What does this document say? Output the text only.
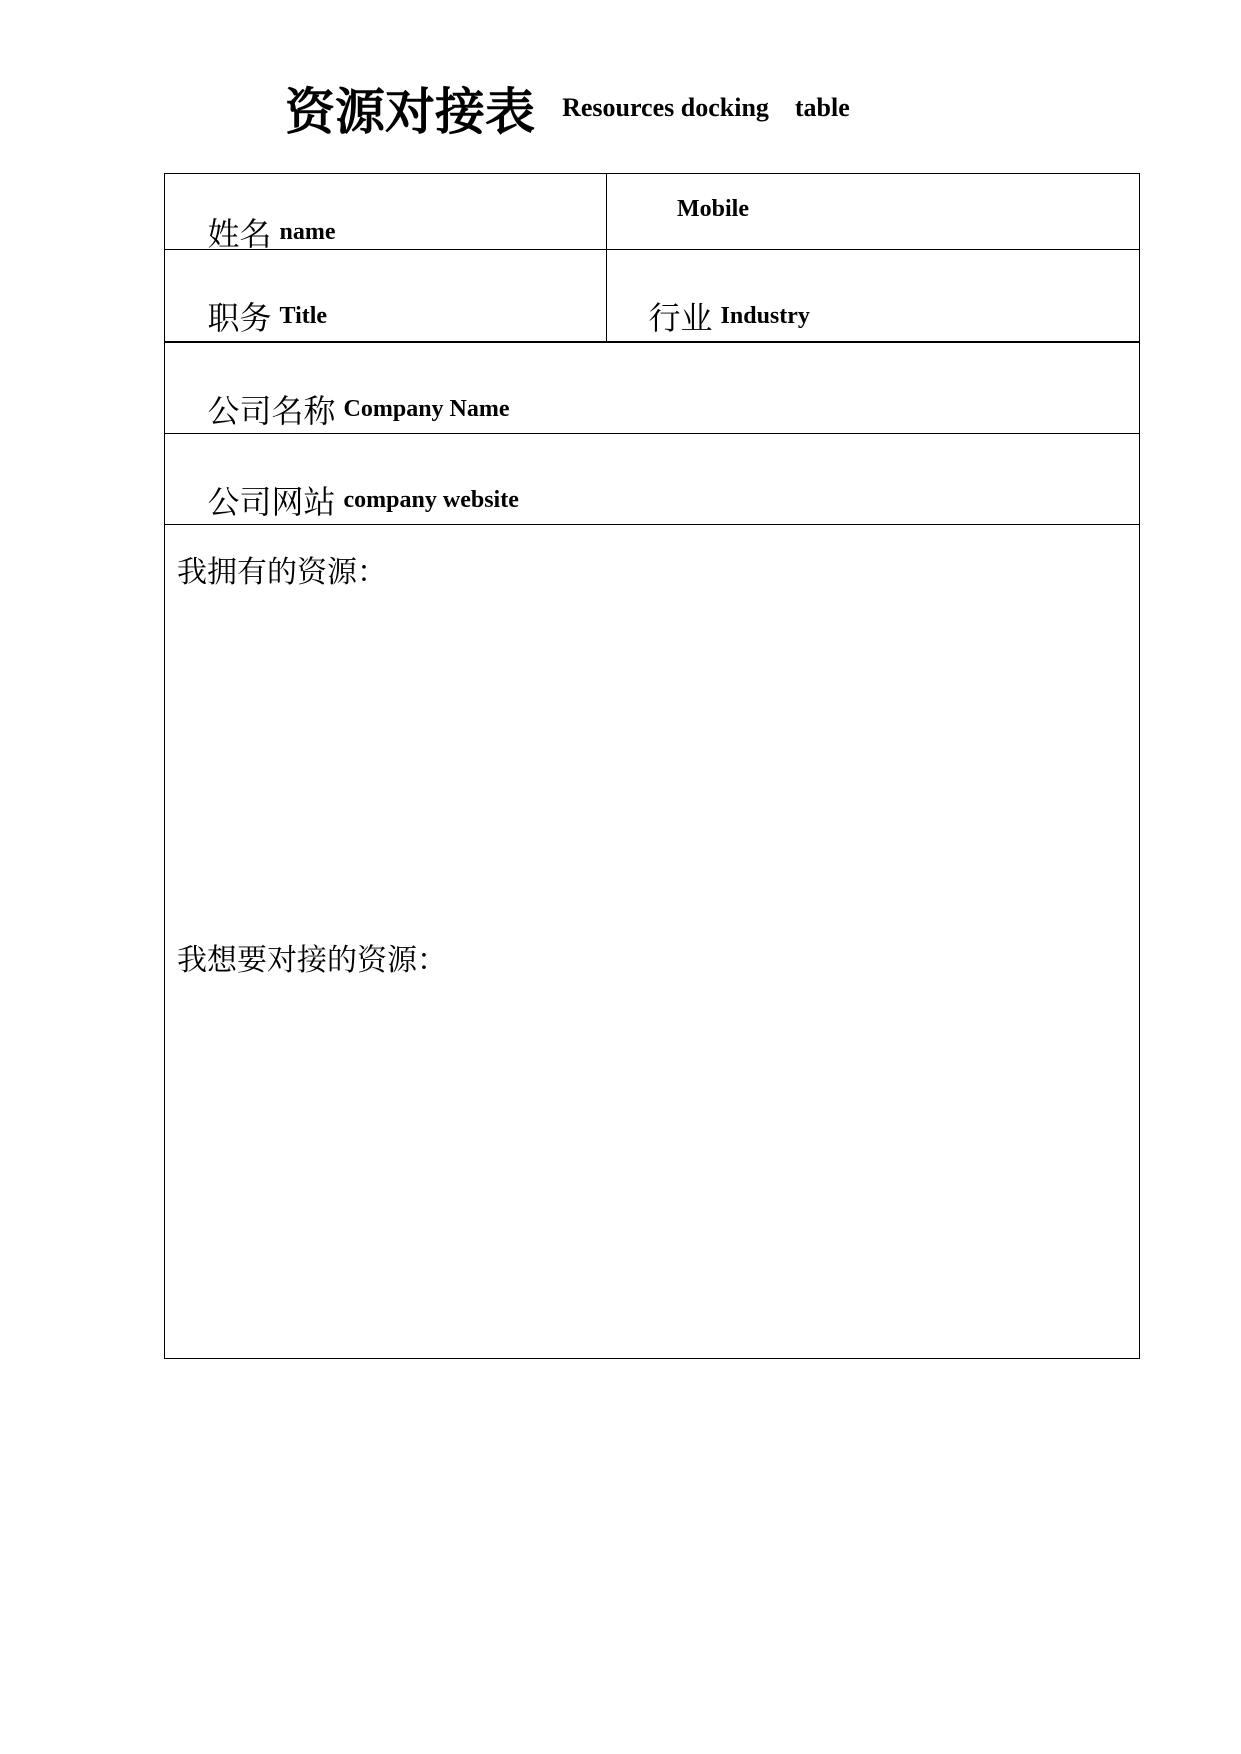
资源对接表 Resources docking    table

姓名 name

Mobile

职务 Title
	行业 Industry

公司名称 Company Name

公司网站 company website

我拥有的资源：
我想要对接的资源：
